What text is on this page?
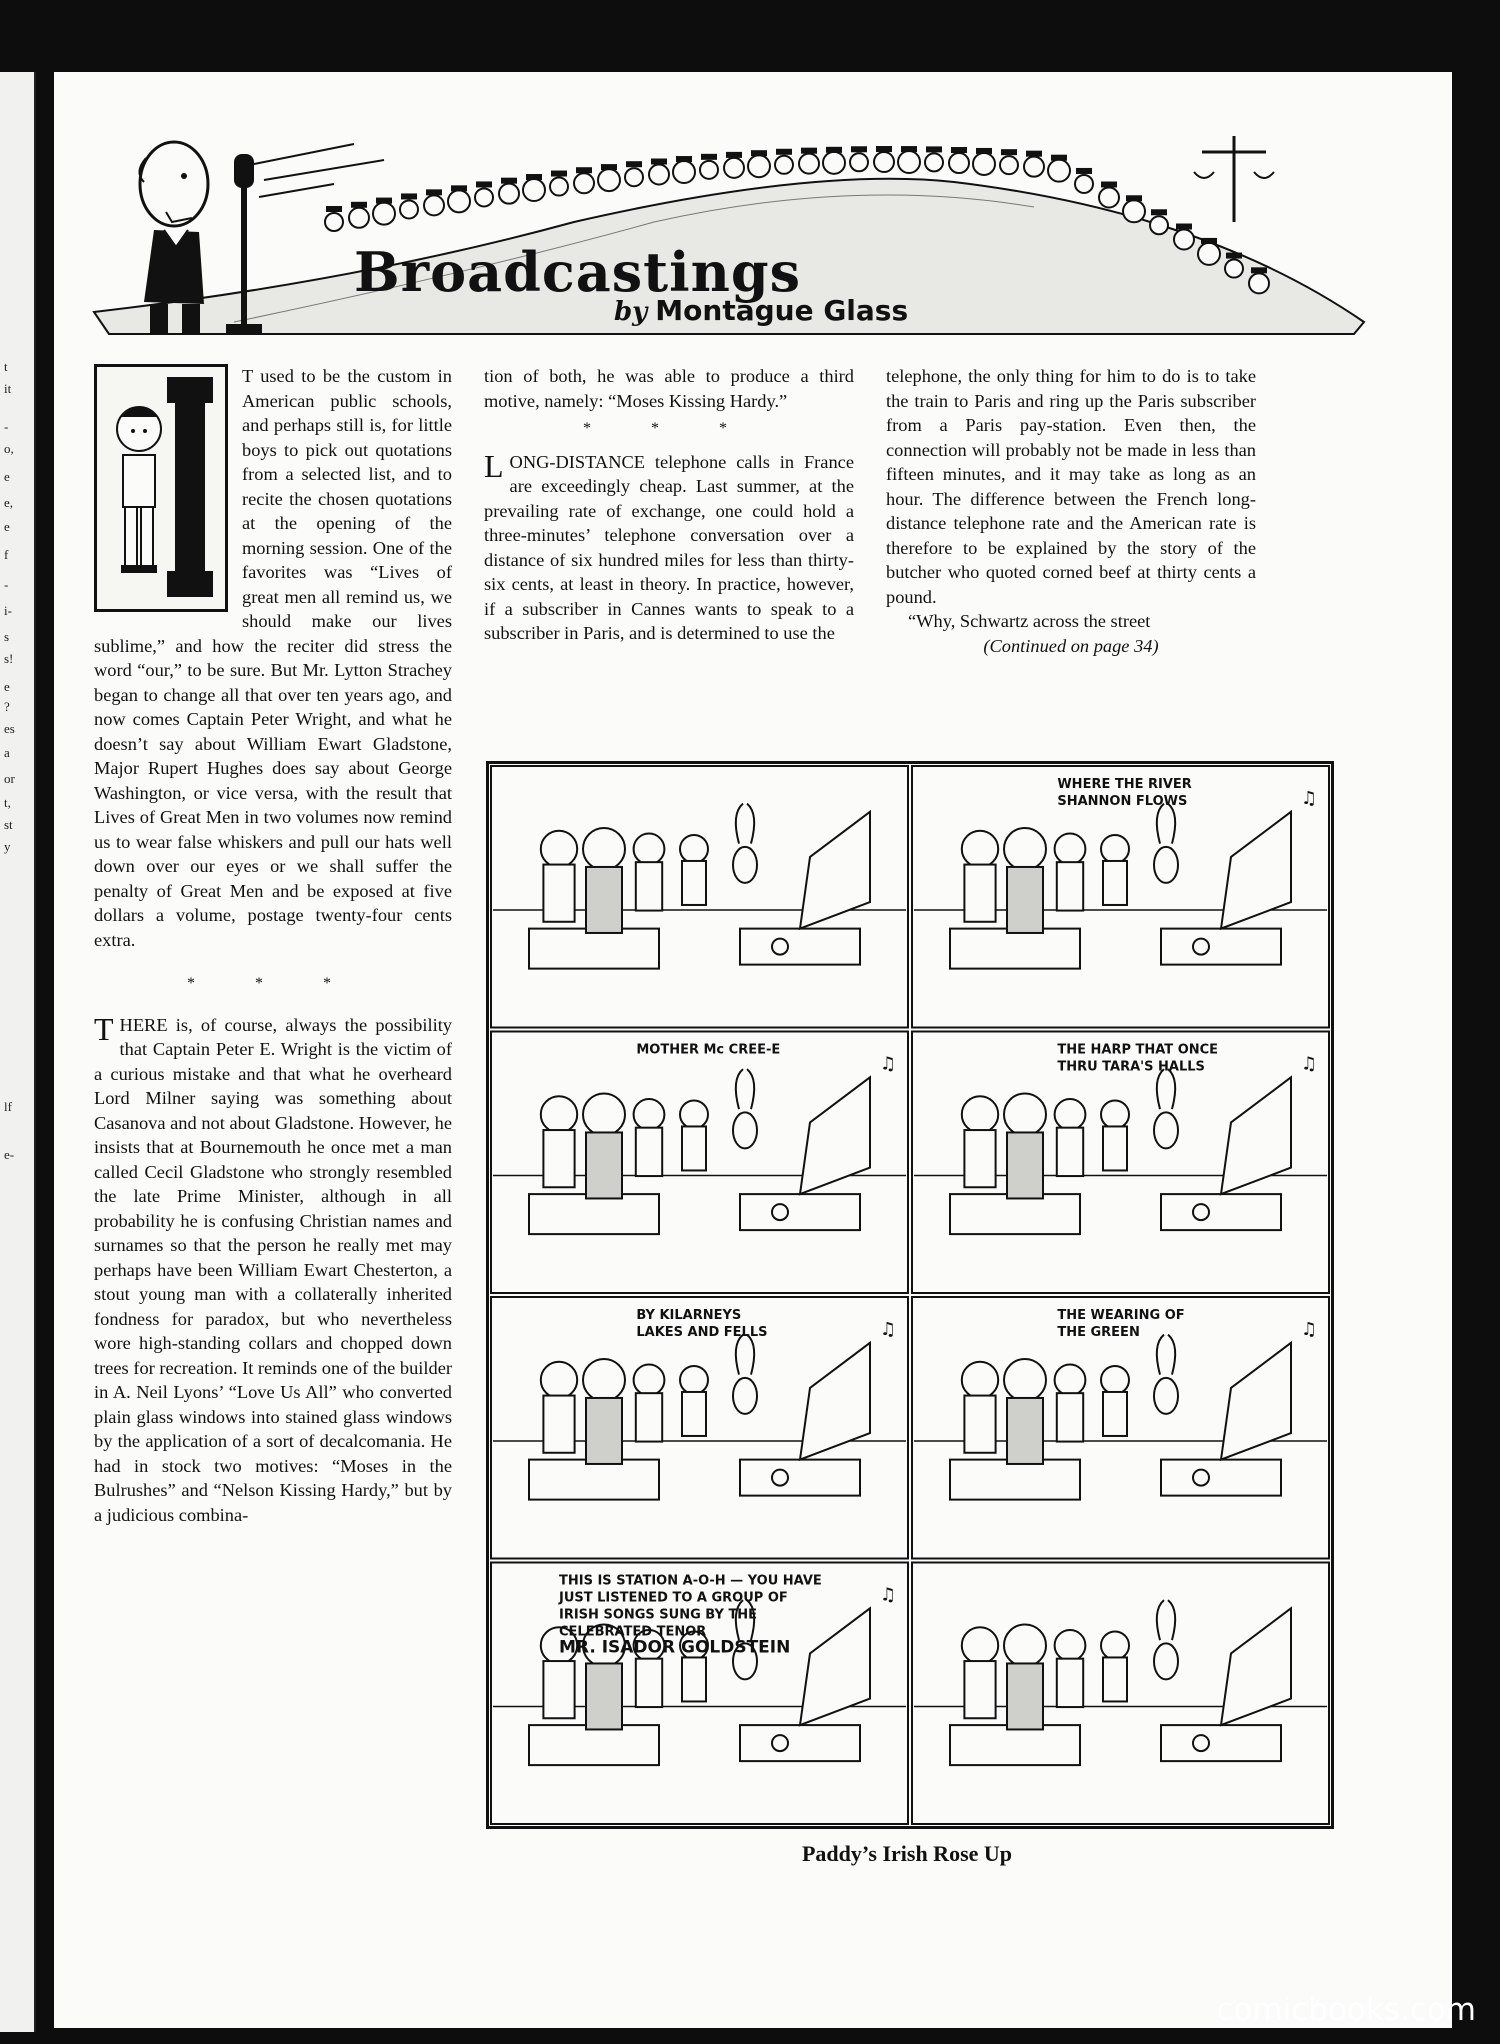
t
it
-
o,
e
e,
e
f
-
i-
s
s!
e
?
es
a
or
t,
st
y
lf
e-
Broadcastings

by Montague Glass

T used to be the custom in American public schools, and perhaps still is, for little boys to pick out quotations from a selected list, and to recite the chosen quotations at the opening of the morning session. One of the favorites was “Lives of great men all remind us, we should make our lives sublime,” and how the reciter did stress the word “our,” to be sure. But Mr. Lytton Strachey began to change all that over ten years ago, and now comes Captain Peter Wright, and what he doesn’t say about William Ewart Gladstone, Major Rupert Hughes does say about George Washington, or vice versa, with the result that Lives of Great Men in two volumes now remind us to wear false whiskers and pull our hats well down over our eyes or we shall suffer the penalty of Great Men and be exposed at five dollars a volume, postage twenty-four cents extra.

* * *

THERE is, of course, always the possibility that Captain Peter E. Wright is the victim of a curious mistake and that what he overheard Lord Milner saying was something about Casanova and not about Gladstone. However, he insists that at Bournemouth he once met a man called Cecil Gladstone who strongly resembled the late Prime Minister, although in all probability he is confusing Christian names and surnames so that the person he really met may perhaps have been William Ewart Chesterton, a stout young man with a collaterally inherited fondness for paradox, but who nevertheless wore high-standing collars and chopped down trees for recreation. It reminds one of the builder in A. Neil Lyons’ “Love Us All” who converted plain glass windows into stained glass windows by the application of a sort of decalcomania. He had in stock two motives: “Moses in the Bulrushes” and “Nelson Kissing Hardy,” but by a judicious combina-

tion of both, he was able to produce a third motive, namely: “Moses Kissing Hardy.”

* * *

LONG-DISTANCE telephone calls in France are exceedingly cheap. Last summer, at the prevailing rate of exchange, one could hold a three-minutes’ telephone conversation over a distance of six hundred miles for less than thirty-six cents, at least in theory. In practice, however, if a subscriber in Cannes wants to speak to a subscriber in Paris, and is determined to use the

telephone, the only thing for him to do is to take the train to Paris and ring up the Paris subscriber from a Paris pay-station. Even then, the connection will probably not be made in less than fifteen minutes, and it may take as long as an hour. The difference between the French long-distance telephone rate and the American rate is therefore to be explained by the story of the butcher who quoted corned beef at thirty cents a pound.

“Why, Schwartz across the street

(Continued on page 34)

♫
WHERE THE RIVER
SHANNON FLOWS
♫
MOTHER Mc CREE-E
♫
THE HARP THAT ONCE
THRU TARA'S HALLS
♫
BY KILARNEYS
LAKES AND FELLS	♫
THE WEARING OF
THE GREEN
♫
THIS IS STATION A-O-H — YOU HAVE
JUST LISTENED TO A GROUP OF
IRISH SONGS SUNG BY THE
CELEBRATED TENOR
MR. ISADOR GOLDSTEIN

Paddy’s Irish Rose Up

comicbooks.com
